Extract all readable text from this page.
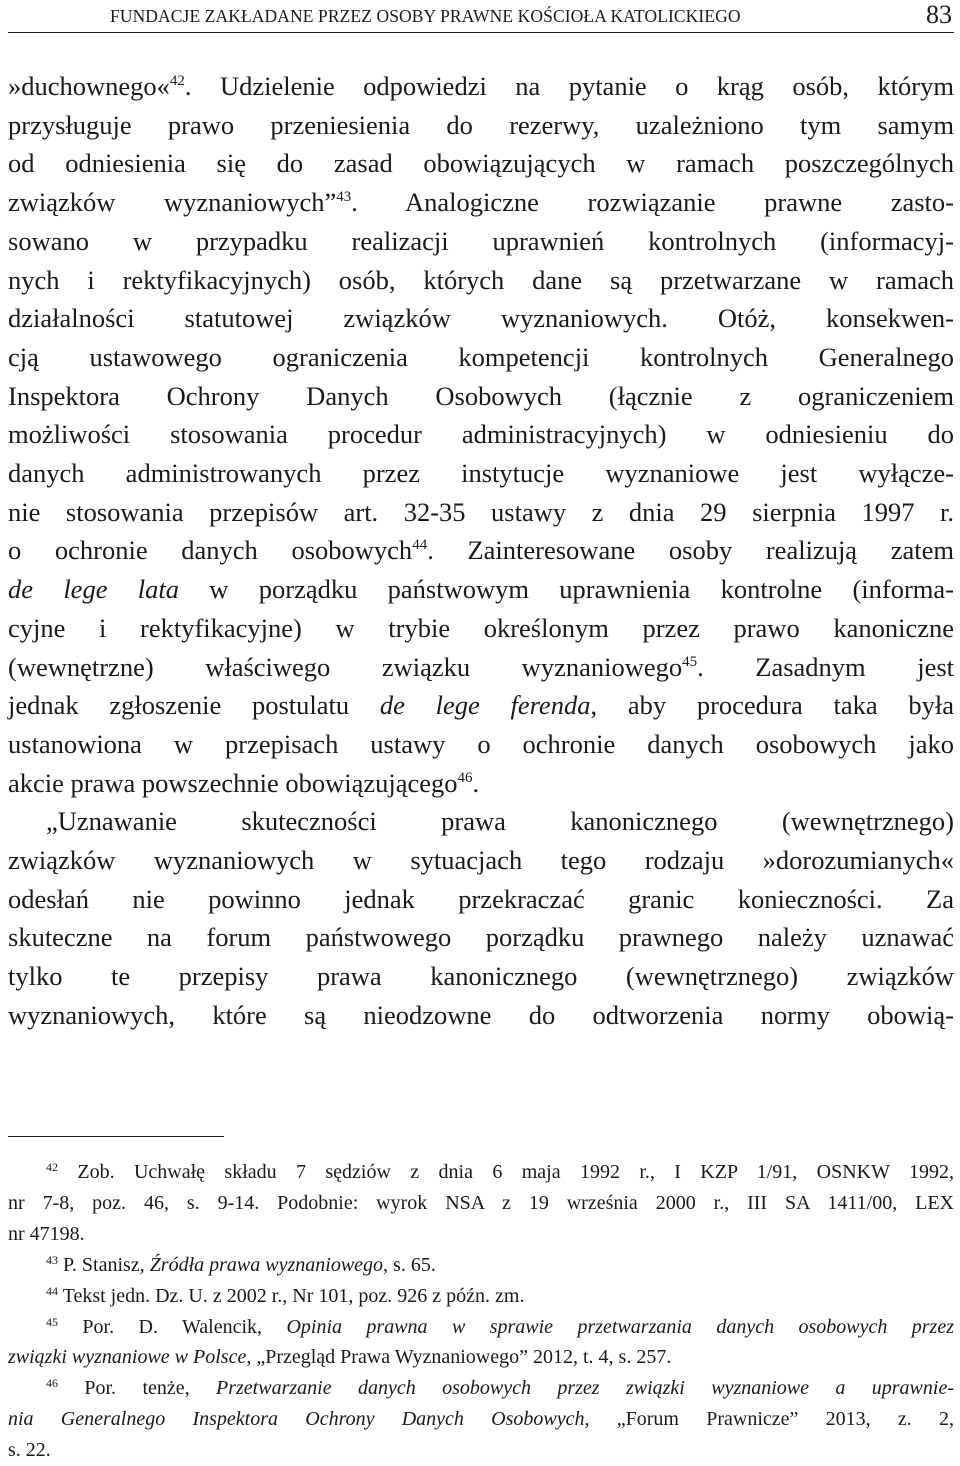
FUNDACJE ZAKŁADANE PRZEZ OSOBY PRAWNE KOŚCIOŁA KATOLICKIEGO	83

»duchownego«$^{42}$. Udzielenie odpowiedzi na pytanie o krąg osób, którym

przysługuje prawo przeniesienia do rezerwy, uzależniono tym samym

od odniesienia się do zasad obowiązujących w ramach poszczególnych

związków wyznaniowych”$^{43}$. Analogiczne rozwiązanie prawne zasto-

sowano w przypadku realizacji uprawnień kontrolnych (informacyj-

nych i rektyfikacyjnych) osób, których dane są przetwarzane w ramach

działalności statutowej związków wyznaniowych. Otóż, konsekwen-

cją ustawowego ograniczenia kompetencji kontrolnych Generalnego

Inspektora Ochrony Danych Osobowych (łącznie z ograniczeniem

możliwości stosowania procedur administracyjnych) w odniesieniu do

danych administrowanych przez instytucje wyznaniowe jest wyłącze-

nie stosowania przepisów art. 32-35 ustawy z dnia 29 sierpnia 1997 r.

o ochronie danych osobowych$^{44}$. Zainteresowane osoby realizują zatem

de lege lata w porządku państwowym uprawnienia kontrolne (informa-

cyjne i rektyfikacyjne) w trybie określonym przez prawo kanoniczne

(wewnętrzne) właściwego związku wyznaniowego$^{45}$. Zasadnym jest

jednak zgłoszenie postulatu de lege ferenda, aby procedura taka była

ustanowiona w przepisach ustawy o ochronie danych osobowych jako

akcie prawa powszechnie obowiązującego$^{46}$.

„Uznawanie skuteczności prawa kanonicznego (wewnętrznego)

związków wyznaniowych w sytuacjach tego rodzaju »dorozumianych«

odesłań nie powinno jednak przekraczać granic konieczności. Za

skuteczne na forum państwowego porządku prawnego należy uznawać

tylko te przepisy prawa kanonicznego (wewnętrznego) związków

wyznaniowych, które są nieodzowne do odtworzenia normy obowią-

$^{42}$ Zob. Uchwałę składu 7 sędziów z dnia 6 maja 1992 r., I KZP 1/91, OSNKW 1992,

nr 7-8, poz. 46, s. 9-14. Podobnie: wyrok NSA z 19 września 2000 r., III SA 1411/00, LEX

nr 47198.

$^{43}$ P. Stanisz, Źródła prawa wyznaniowego, s. 65.

$^{44}$ Tekst jedn. Dz. U. z 2002 r., Nr 101, poz. 926 z późn. zm.

$^{45}$ Por. D. Walencik, Opinia prawna w sprawie przetwarzania danych osobowych przez

związki wyznaniowe w Polsce, „Przegląd Prawa Wyznaniowego” 2012, t. 4, s. 257.

$^{46}$ Por. tenże, Przetwarzanie danych osobowych przez związki wyznaniowe a uprawnie-

nia Generalnego Inspektora Ochrony Danych Osobowych, „Forum Prawnicze” 2013, z. 2,

s. 22.
